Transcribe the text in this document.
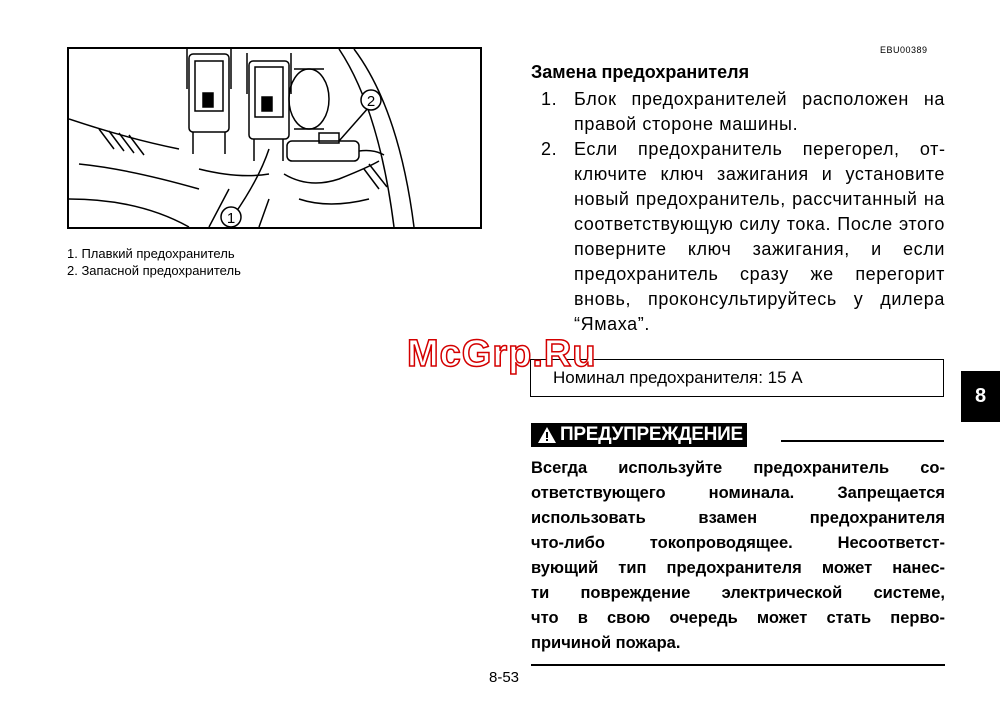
1
2
1. Плавкий предохранитель
2. Запасной предохранитель
EBU00389
Замена предохранителя
1. Блок предохранителей расположен на правой стороне машины.
2. Если предохранитель перегорел, отключите ключ зажигания и установите новый предохранитель, рассчитанный на соответствующую силу тока. После этого поверните ключ зажигания, и если предохранитель сразу же перегорит вновь, проконсультируйтесь у дилера “Ямаха”.
Номинал предохранителя: 15 A
ПРЕДУПРЕЖДЕНИЕ
Всегда используйте предохранитель со-
ответствующего номинала. Запрещается
использовать взамен предохранителя
что-либо токопроводящее. Несоответст-
вующий тип предохранителя может нанес-
ти повреждение электрической системе,
что в свою очередь может стать перво-
причиной пожара.
8-53
8
McGrp.Ru
